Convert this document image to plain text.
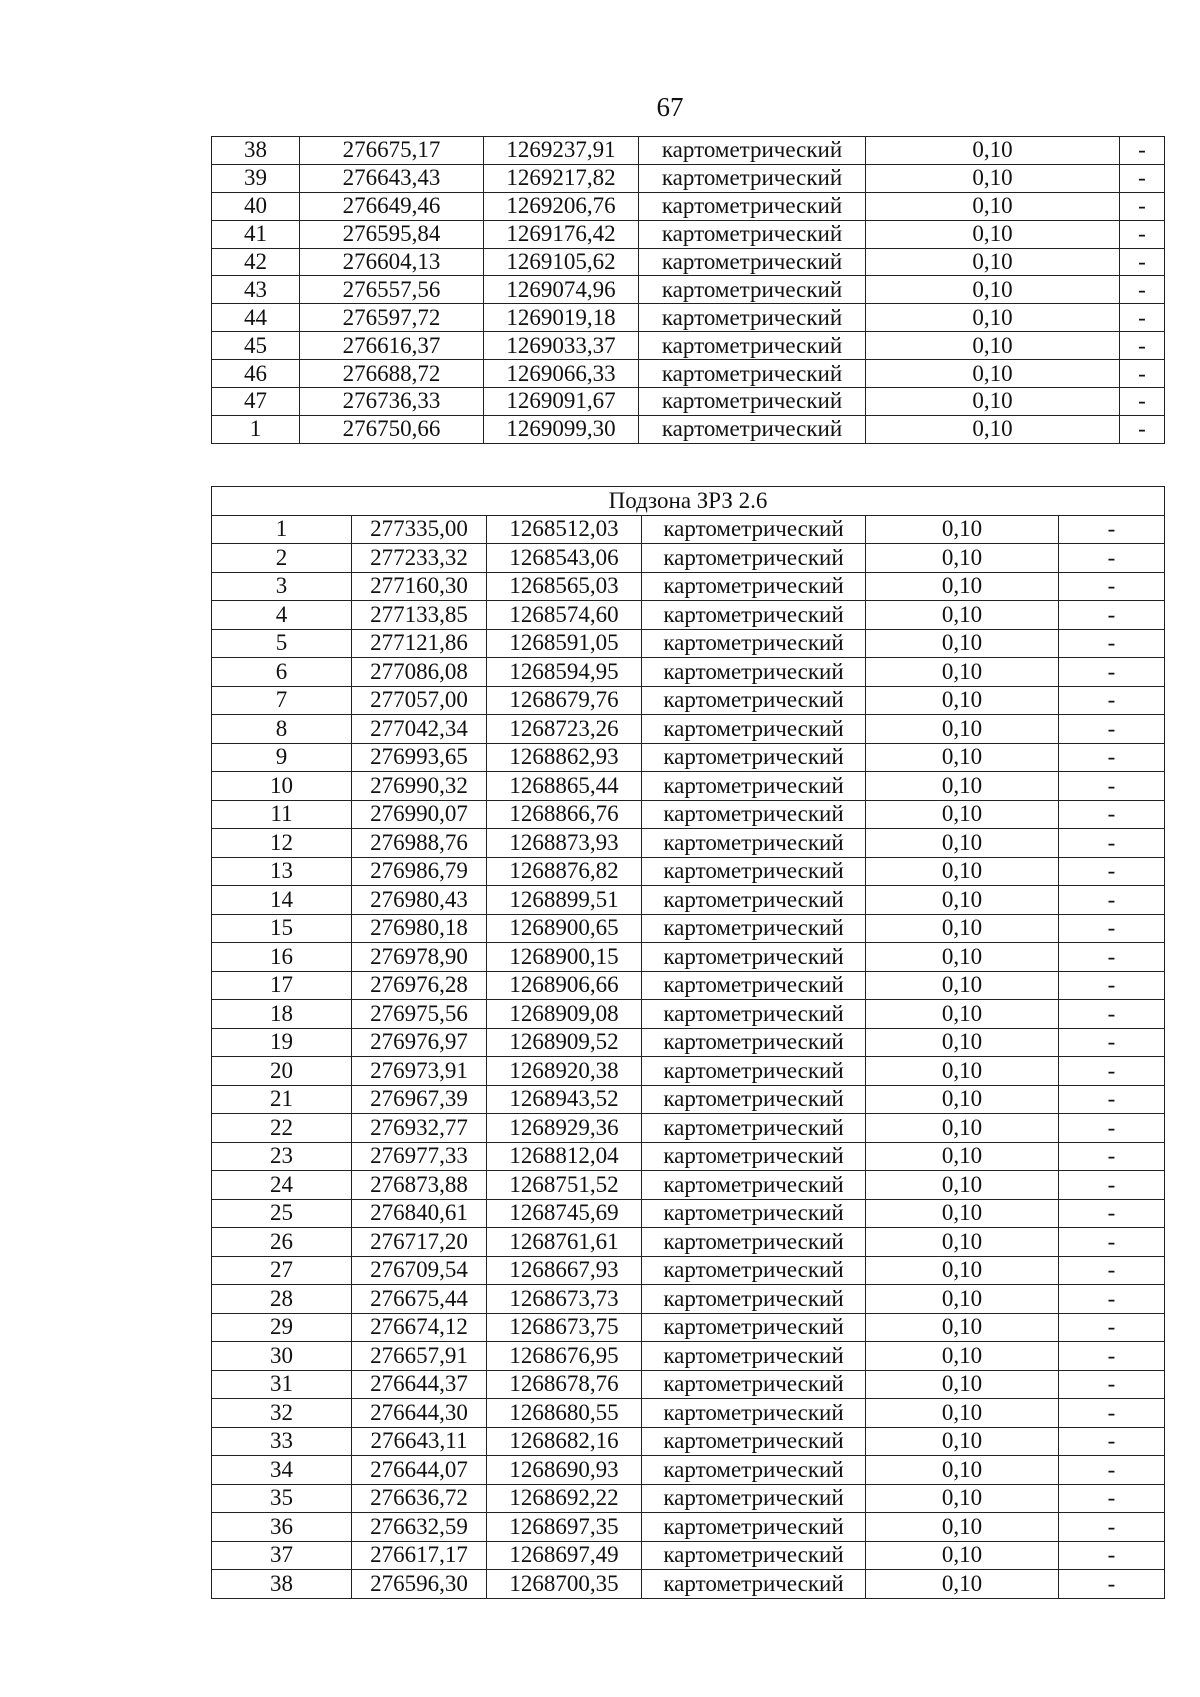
67
38	276675,17	1269237,91	картометрический	0,10	-
39	276643,43	1269217,82	картометрический	0,10	-
40	276649,46	1269206,76	картометрический	0,10	-
41	276595,84	1269176,42	картометрический	0,10	-
42	276604,13	1269105,62	картометрический	0,10	-
43	276557,56	1269074,96	картометрический	0,10	-
44	276597,72	1269019,18	картометрический	0,10	-
45	276616,37	1269033,37	картометрический	0,10	-
46	276688,72	1269066,33	картометрический	0,10	-
47	276736,33	1269091,67	картометрический	0,10	-
1	276750,66	1269099,30	картометрический	0,10	-
Подзона ЗРЗ 2.6					
1	277335,00	1268512,03	картометрический	0,10	-
2	277233,32	1268543,06	картометрический	0,10	-
3	277160,30	1268565,03	картометрический	0,10	-
4	277133,85	1268574,60	картометрический	0,10	-
5	277121,86	1268591,05	картометрический	0,10	-
6	277086,08	1268594,95	картометрический	0,10	-
7	277057,00	1268679,76	картометрический	0,10	-
8	277042,34	1268723,26	картометрический	0,10	-
9	276993,65	1268862,93	картометрический	0,10	-
10	276990,32	1268865,44	картометрический	0,10	-
11	276990,07	1268866,76	картометрический	0,10	-
12	276988,76	1268873,93	картометрический	0,10	-
13	276986,79	1268876,82	картометрический	0,10	-
14	276980,43	1268899,51	картометрический	0,10	-
15	276980,18	1268900,65	картометрический	0,10	-
16	276978,90	1268900,15	картометрический	0,10	-
17	276976,28	1268906,66	картометрический	0,10	-
18	276975,56	1268909,08	картометрический	0,10	-
19	276976,97	1268909,52	картометрический	0,10	-
20	276973,91	1268920,38	картометрический	0,10	-
21	276967,39	1268943,52	картометрический	0,10	-
22	276932,77	1268929,36	картометрический	0,10	-
23	276977,33	1268812,04	картометрический	0,10	-
24	276873,88	1268751,52	картометрический	0,10	-
25	276840,61	1268745,69	картометрический	0,10	-
26	276717,20	1268761,61	картометрический	0,10	-
27	276709,54	1268667,93	картометрический	0,10	-
28	276675,44	1268673,73	картометрический	0,10	-
29	276674,12	1268673,75	картометрический	0,10	-
30	276657,91	1268676,95	картометрический	0,10	-
31	276644,37	1268678,76	картометрический	0,10	-
32	276644,30	1268680,55	картометрический	0,10	-
33	276643,11	1268682,16	картометрический	0,10	-
34	276644,07	1268690,93	картометрический	0,10	-
35	276636,72	1268692,22	картометрический	0,10	-
36	276632,59	1268697,35	картометрический	0,10	-
37	276617,17	1268697,49	картометрический	0,10	-
38	276596,30	1268700,35	картометрический	0,10	-
